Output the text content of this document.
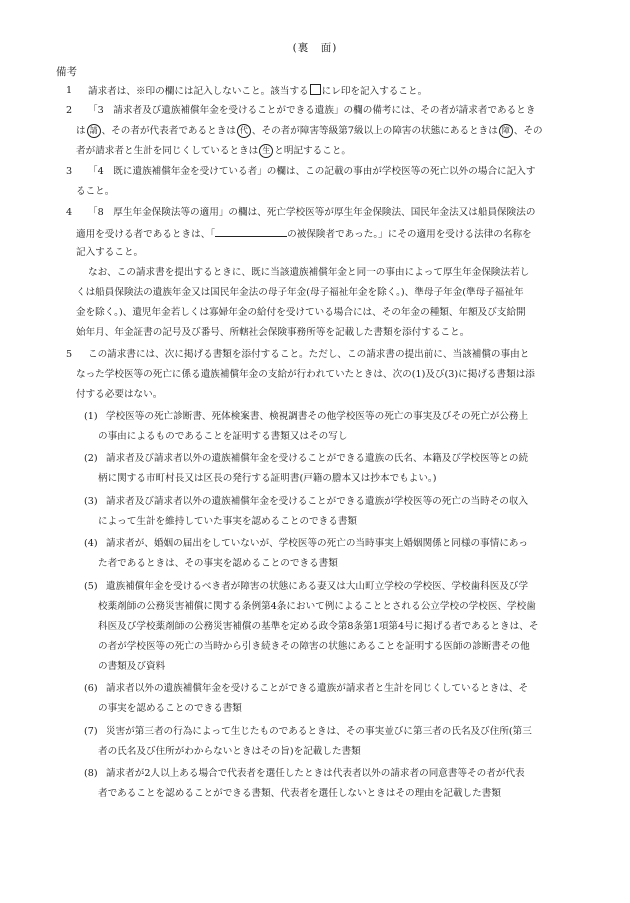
(裏　面)
備考
1 請求者は、※印の欄には記入しないこと。該当する にレ印を記入すること。
2 「3　請求者及び遺族補償年金を受けることができる遺族」の欄の備考には、その者が請求者であるとき
は 請 、その者が代表者であるときは 代 、その者が障害等級第7級以上の障害の状態にあるときは 障 、その
者が請求者と生計を同じくしているときは 生 と明記すること。
3 「4　既に遺族補償年金を受けている者」の欄は、この記載の事由が学校医等の死亡以外の場合に記入す
ること。
4 「8　厚生年金保険法等の適用」の欄は、死亡学校医等が厚生年金保険法、国民年金法又は船員保険法の
適用を受ける者であるときは、「	の被保険者であった。」にその適用を受ける法律の名称を
記入すること。
なお、この請求書を提出するときに、既に当該遺族補償年金と同一の事由によって厚生年金保険法若し
くは船員保険法の遺族年金又は国民年金法の母子年金(母子福祉年金を除く。)、準母子年金(準母子福祉年
金を除く。)、遺児年金若しくは寡婦年金の給付を受けている場合には、その年金の種類、年額及び支給開
始年月、年金証書の記号及び番号、所轄社会保険事務所等を記載した書類を添付すること。
5 この請求書には、次に掲げる書類を添付すること。ただし、この請求書の提出前に、当該補償の事由と
なった学校医等の死亡に係る遺族補償年金の支給が行われていたときは、次の(1)及び(3)に掲げる書類は添
付する必要はない。
(1) 学校医等の死亡診断書、死体検案書、検視調書その他学校医等の死亡の事実及びその死亡が公務上
の事由によるものであることを証明する書類又はその写し
(2) 請求者及び請求者以外の遺族補償年金を受けることができる遺族の氏名、本籍及び学校医等との続
柄に関する市町村長又は区長の発行する証明書(戸籍の謄本又は抄本でもよい。)
(3) 請求者及び請求者以外の遺族補償年金を受けることができる遺族が学校医等の死亡の当時その収入
によって生計を維持していた事実を認めることのできる書類
(4) 請求者が、婚姻の届出をしていないが、学校医等の死亡の当時事実上婚姻関係と同様の事情にあっ
た者であるときは、その事実を認めることのできる書類
(5) 遺族補償年金を受けるべき者が障害の状態にある妻又は大山町立学校の学校医、学校歯科医及び学
校薬剤師の公務災害補償に関する条例第4条において例によることとされる公立学校の学校医、学校歯
科医及び学校薬剤師の公務災害補償の基準を定める政令第8条第1項第4号に掲げる者であるときは、そ
の者が学校医等の死亡の当時から引き続きその障害の状態にあることを証明する医師の診断書その他
の書類及び資料
(6) 請求者以外の遺族補償年金を受けることができる遺族が請求者と生計を同じくしているときは、そ
の事実を認めることのできる書類
(7) 災害が第三者の行為によって生じたものであるときは、その事実並びに第三者の氏名及び住所(第三
者の氏名及び住所がわからないときはその旨)を記載した書類
(8) 請求者が2人以上ある場合で代表者を選任したときは代表者以外の請求者の同意書等その者が代表
者であることを認めることができる書類、代表者を選任しないときはその理由を記載した書類
